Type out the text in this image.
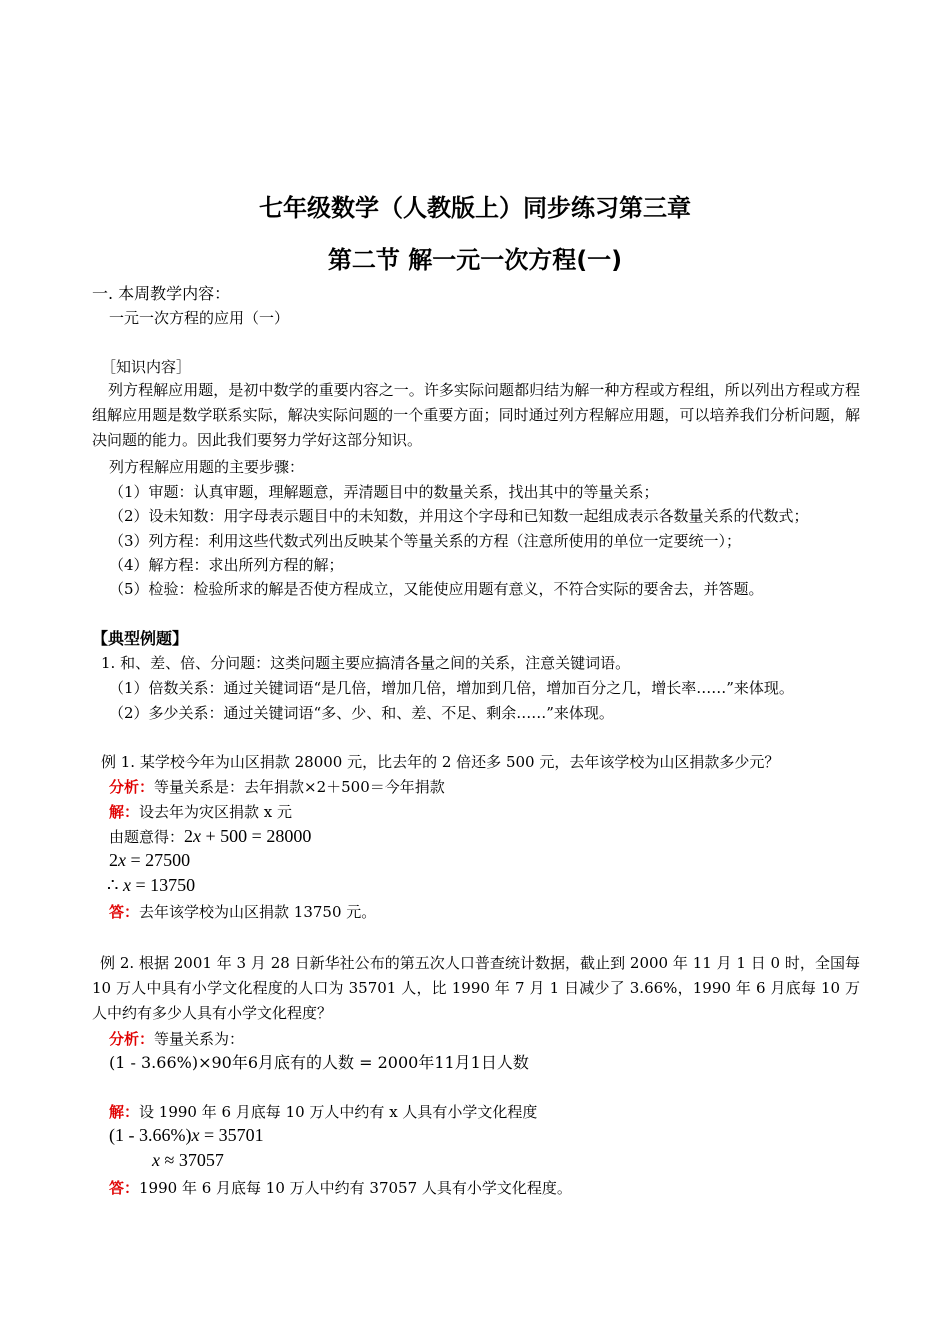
七年级数学（人教版上）同步练习第三章
第二节 解一元一次方程(一)
一. 本周教学内容：
一元一次方程的应用（一）
［知识内容］
列方程解应用题，是初中数学的重要内容之一。许多实际问题都归结为解一种方程或方程组，所以列出方程或方程组解应用题是数学联系实际，解决实际问题的一个重要方面；同时通过列方程解应用题，可以培养我们分析问题，解决问题的能力。因此我们要努力学好这部分知识。
列方程解应用题的主要步骤：
（1）审题：认真审题，理解题意，弄清题目中的数量关系，找出其中的等量关系；
（2）设未知数：用字母表示题目中的未知数，并用这个字母和已知数一起组成表示各数量关系的代数式；
（3）列方程：利用这些代数式列出反映某个等量关系的方程（注意所使用的单位一定要统一）；
（4）解方程：求出所列方程的解；
（5）检验：检验所求的解是否使方程成立，又能使应用题有意义，不符合实际的要舍去，并答题。
【典型例题】
1. 和、差、倍、分问题：这类问题主要应搞清各量之间的关系，注意关键词语。
（1）倍数关系：通过关键词语“是几倍，增加几倍，增加到几倍，增加百分之几，增长率……”来体现。
（2）多少关系：通过关键词语“多、少、和、差、不足、剩余……”来体现。
例 1. 某学校今年为山区捐款 28000 元，比去年的 2 倍还多 500 元，去年该学校为山区捐款多少元？
分析：等量关系是：去年捐款×2＋500＝今年捐款
解：设去年为灾区捐款 x 元
由题意得：2x + 500 = 28000
2x = 27500
∴ x = 13750
答：去年该学校为山区捐款 13750 元。
例 2. 根据 2001 年 3 月 28 日新华社公布的第五次人口普查统计数据，截止到 2000 年 11 月 1 日 0 时，全国每 10 万人中具有小学文化程度的人口为 35701 人，比 1990 年 7 月 1 日减少了 3.66%，1990 年 6 月底每 10 万人中约有多少人具有小学文化程度？
分析：等量关系为：
(1 - 3.66%)×90年6月底有的人数 = 2000年11月1日人数
解：设 1990 年 6 月底每 10 万人中约有 x 人具有小学文化程度
(1 - 3.66%)x = 35701
x ≈ 37057
答：1990 年 6 月底每 10 万人中约有 37057 人具有小学文化程度。
